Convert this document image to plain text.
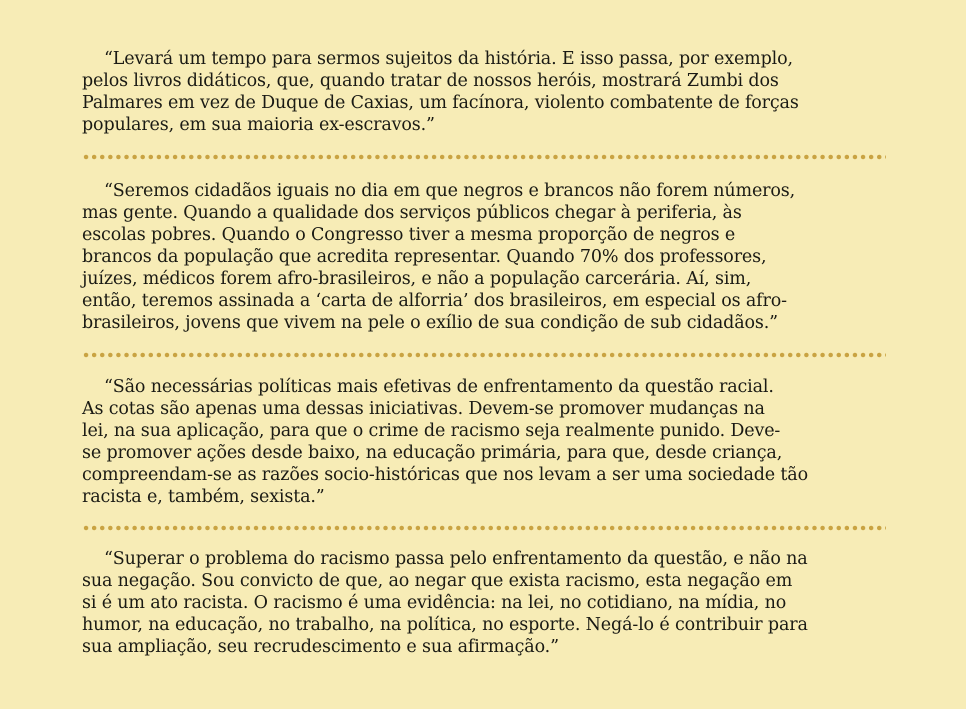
“Levará um tempo para sermos sujeitos da história. E isso passa, por exemplo,
pelos livros didáticos, que, quando tratar de nossos heróis, mostrará Zumbi dos
Palmares em vez de Duque de Caxias, um facínora, violento combatente de forças
populares, em sua maioria ex-escravos.”

“Seremos cidadãos iguais no dia em que negros e brancos não forem números,
mas gente. Quando a qualidade dos serviços públicos chegar à periferia, às
escolas pobres. Quando o Congresso tiver a mesma proporção de negros e
brancos da população que acredita representar. Quando 70% dos professores,
juízes, médicos forem afro-brasileiros, e não a população carcerária. Aí, sim,
então, teremos assinada a ‘carta de alforria’ dos brasileiros, em especial os afro-
brasileiros, jovens que vivem na pele o exílio de sua condição de sub cidadãos.”

“São necessárias políticas mais efetivas de enfrentamento da questão racial.
As cotas são apenas uma dessas iniciativas. Devem-se promover mudanças na
lei, na sua aplicação, para que o crime de racismo seja realmente punido. Deve-
se promover ações desde baixo, na educação primária, para que, desde criança,
compreendam-se as razões socio-históricas que nos levam a ser uma sociedade tão
racista e, também, sexista.”

“Superar o problema do racismo passa pelo enfrentamento da questão, e não na
sua negação. Sou convicto de que, ao negar que exista racismo, esta negação em
si é um ato racista. O racismo é uma evidência: na lei, no cotidiano, na mídia, no
humor, na educação, no trabalho, na política, no esporte. Negá-lo é contribuir para
sua ampliação, seu recrudescimento e sua afirmação.”
